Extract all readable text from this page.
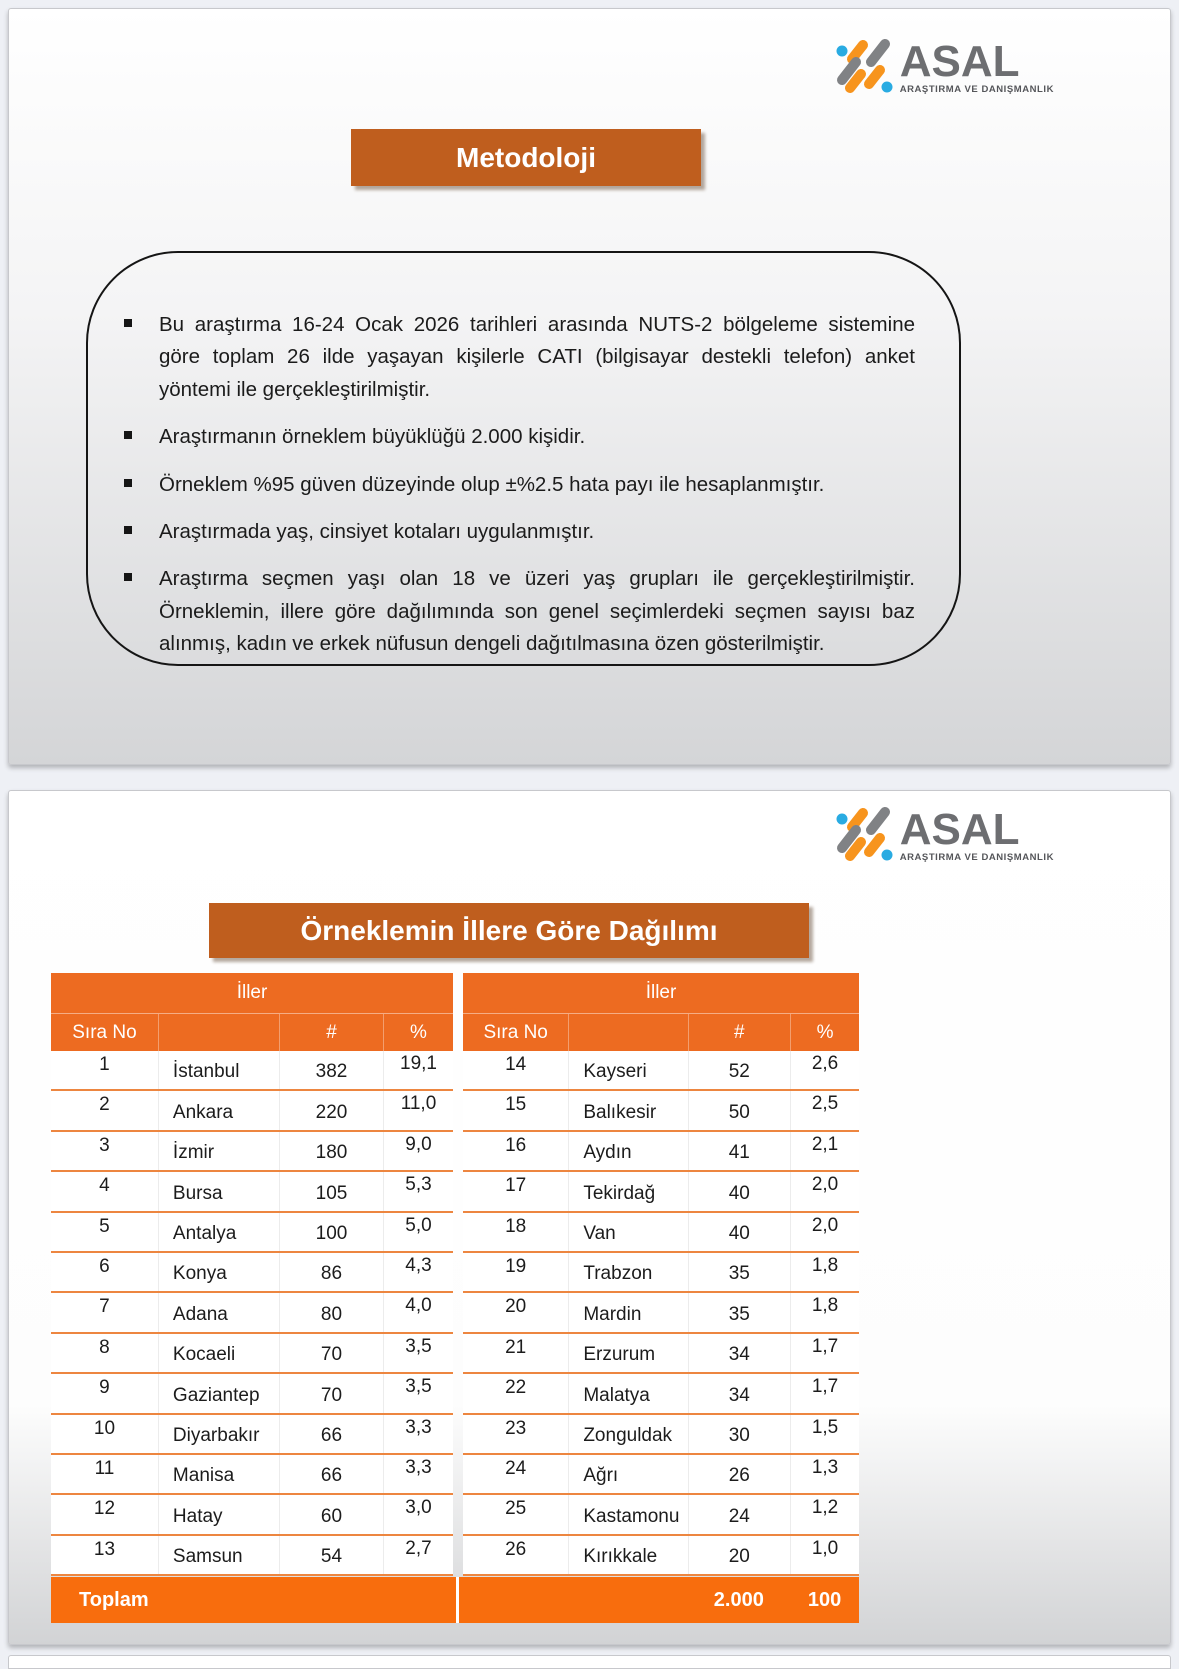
ASAL
ARAŞTIRMA VE DANIŞMANLIK
Metodoloji
Bu araştırma 16-24 Ocak 2026 tarihleri arasında NUTS-2 bölgeleme sistemine göre toplam 26 ilde yaşayan kişilerle CATI (bilgisayar destekli telefon) anket yöntemi ile gerçekleştirilmiştir.
Araştırmanın örneklem büyüklüğü 2.000 kişidir.
Örneklem %95 güven düzeyinde olup ±%2.5 hata payı ile hesaplanmıştır.
Araştırmada yaş, cinsiyet kotaları uygulanmıştır.
Araştırma seçmen yaşı olan 18 ve üzeri yaş grupları ile gerçekleştirilmiştir. Örneklemin, illere göre dağılımında son genel seçimlerdeki seçmen sayısı baz alınmış, kadın ve erkek nüfusun dengeli dağıtılmasına özen gösterilmiştir.
ASAL
ARAŞTIRMA VE DANIŞMANLIK
Örneklemin İllere Göre Dağılımı
İller
Sıra No	#	%
1	İstanbul	382	19,1
2	Ankara	220	11,0
3	İzmir	180	9,0
4	Bursa	105	5,3
5	Antalya	100	5,0
6	Konya	86	4,3
7	Adana	80	4,0
8	Kocaeli	70	3,5
9	Gaziantep	70	3,5
10	Diyarbakır	66	3,3
11	Manisa	66	3,3
12	Hatay	60	3,0
13	Samsun	54	2,7
İller
Sıra No	#	%
14	Kayseri	52	2,6
15	Balıkesir	50	2,5
16	Aydın	41	2,1
17	Tekirdağ	40	2,0
18	Van	40	2,0
19	Trabzon	35	1,8
20	Mardin	35	1,8
21	Erzurum	34	1,7
22	Malatya	34	1,7
23	Zonguldak	30	1,5
24	Ağrı	26	1,3
25	Kastamonu	24	1,2
26	Kırıkkale	20	1,0
Toplam	2.000	100
